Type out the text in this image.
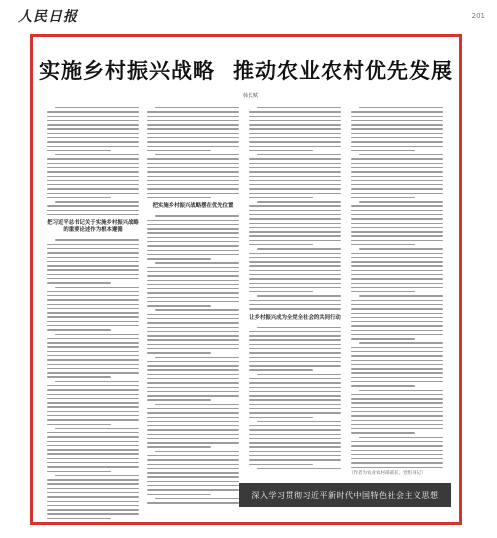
人民日报	201
实施乡村振兴战略 推动农业农村优先发展
韩长赋
把习近平总书记关于实施乡村振兴战略的重要论述作为根本遵循
把实施乡村振兴战略摆在优先位置
让乡村振兴成为全党全社会的共同行动
（作者为农业农村部部长、党组书记）
深入学习贯彻习近平新时代中国特色社会主义思想
